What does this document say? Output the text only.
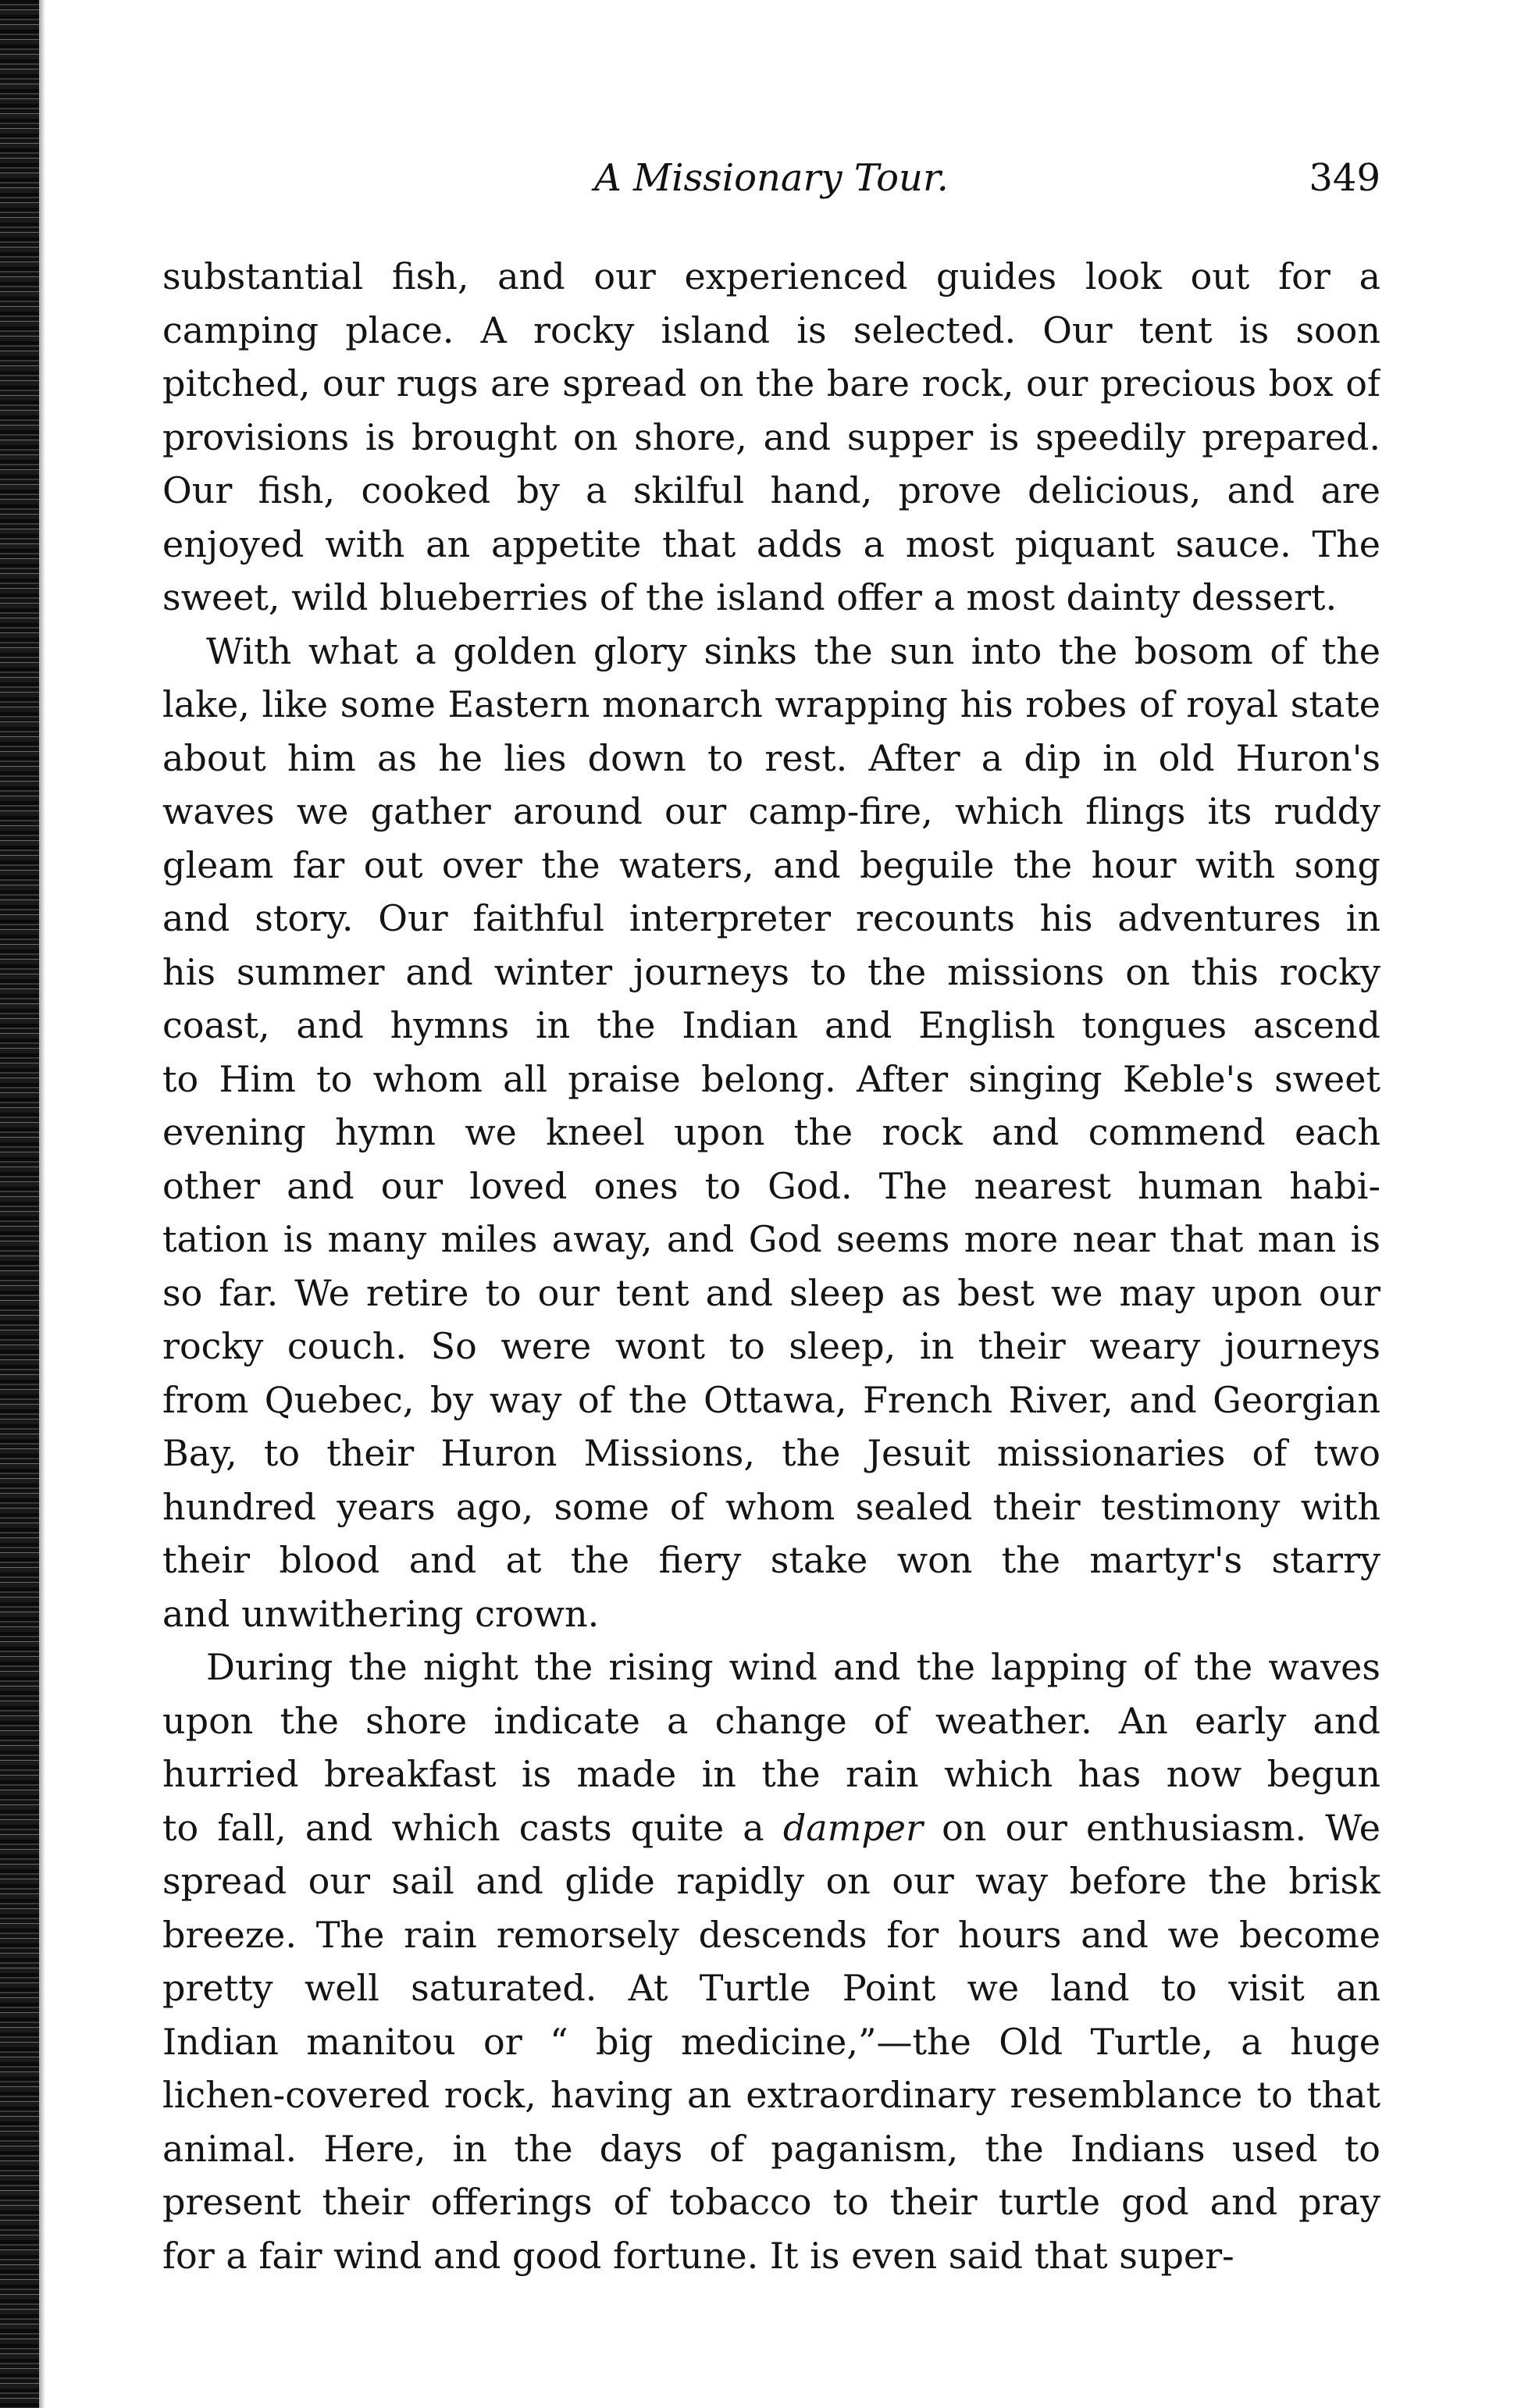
A Missionary Tour.	349

substantial fish, and our experienced guides look out for a
camping place. A rocky island is selected. Our tent is soon
pitched, our rugs are spread on the bare rock, our precious box of
provisions is brought on shore, and supper is speedily prepared.
Our fish, cooked by a skilful hand, prove delicious, and are
enjoyed with an appetite that adds a most piquant sauce. The
sweet, wild blueberries of the island offer a most dainty dessert.

With what a golden glory sinks the sun into the bosom of the
lake, like some Eastern monarch wrapping his robes of royal state
about him as he lies down to rest. After a dip in old Huron's
waves we gather around our camp-fire, which flings its ruddy
gleam far out over the waters, and beguile the hour with song
and story. Our faithful interpreter recounts his adventures in
his summer and winter journeys to the missions on this rocky
coast, and hymns in the Indian and English tongues ascend
to Him to whom all praise belong. After singing Keble's sweet
evening hymn we kneel upon the rock and commend each
other and our loved ones to God. The nearest human habi-
tation is many miles away, and God seems more near that man is
so far. We retire to our tent and sleep as best we may upon our
rocky couch. So were wont to sleep, in their weary journeys
from Quebec, by way of the Ottawa, French River, and Georgian
Bay, to their Huron Missions, the Jesuit missionaries of two
hundred years ago, some of whom sealed their testimony with
their blood and at the fiery stake won the martyr's starry
and unwithering crown.

During the night the rising wind and the lapping of the waves
upon the shore indicate a change of weather. An early and
hurried breakfast is made in the rain which has now begun
to fall, and which casts quite a damper on our enthusiasm. We
spread our sail and glide rapidly on our way before the brisk
breeze. The rain remorsely descends for hours and we become
pretty well saturated. At Turtle Point we land to visit an
Indian manitou or “ big medicine,”—the Old Turtle, a huge
lichen-covered rock, having an extraordinary resemblance to that
animal. Here, in the days of paganism, the Indians used to
present their offerings of tobacco to their turtle god and pray
for a fair wind and good fortune. It is even said that super-
